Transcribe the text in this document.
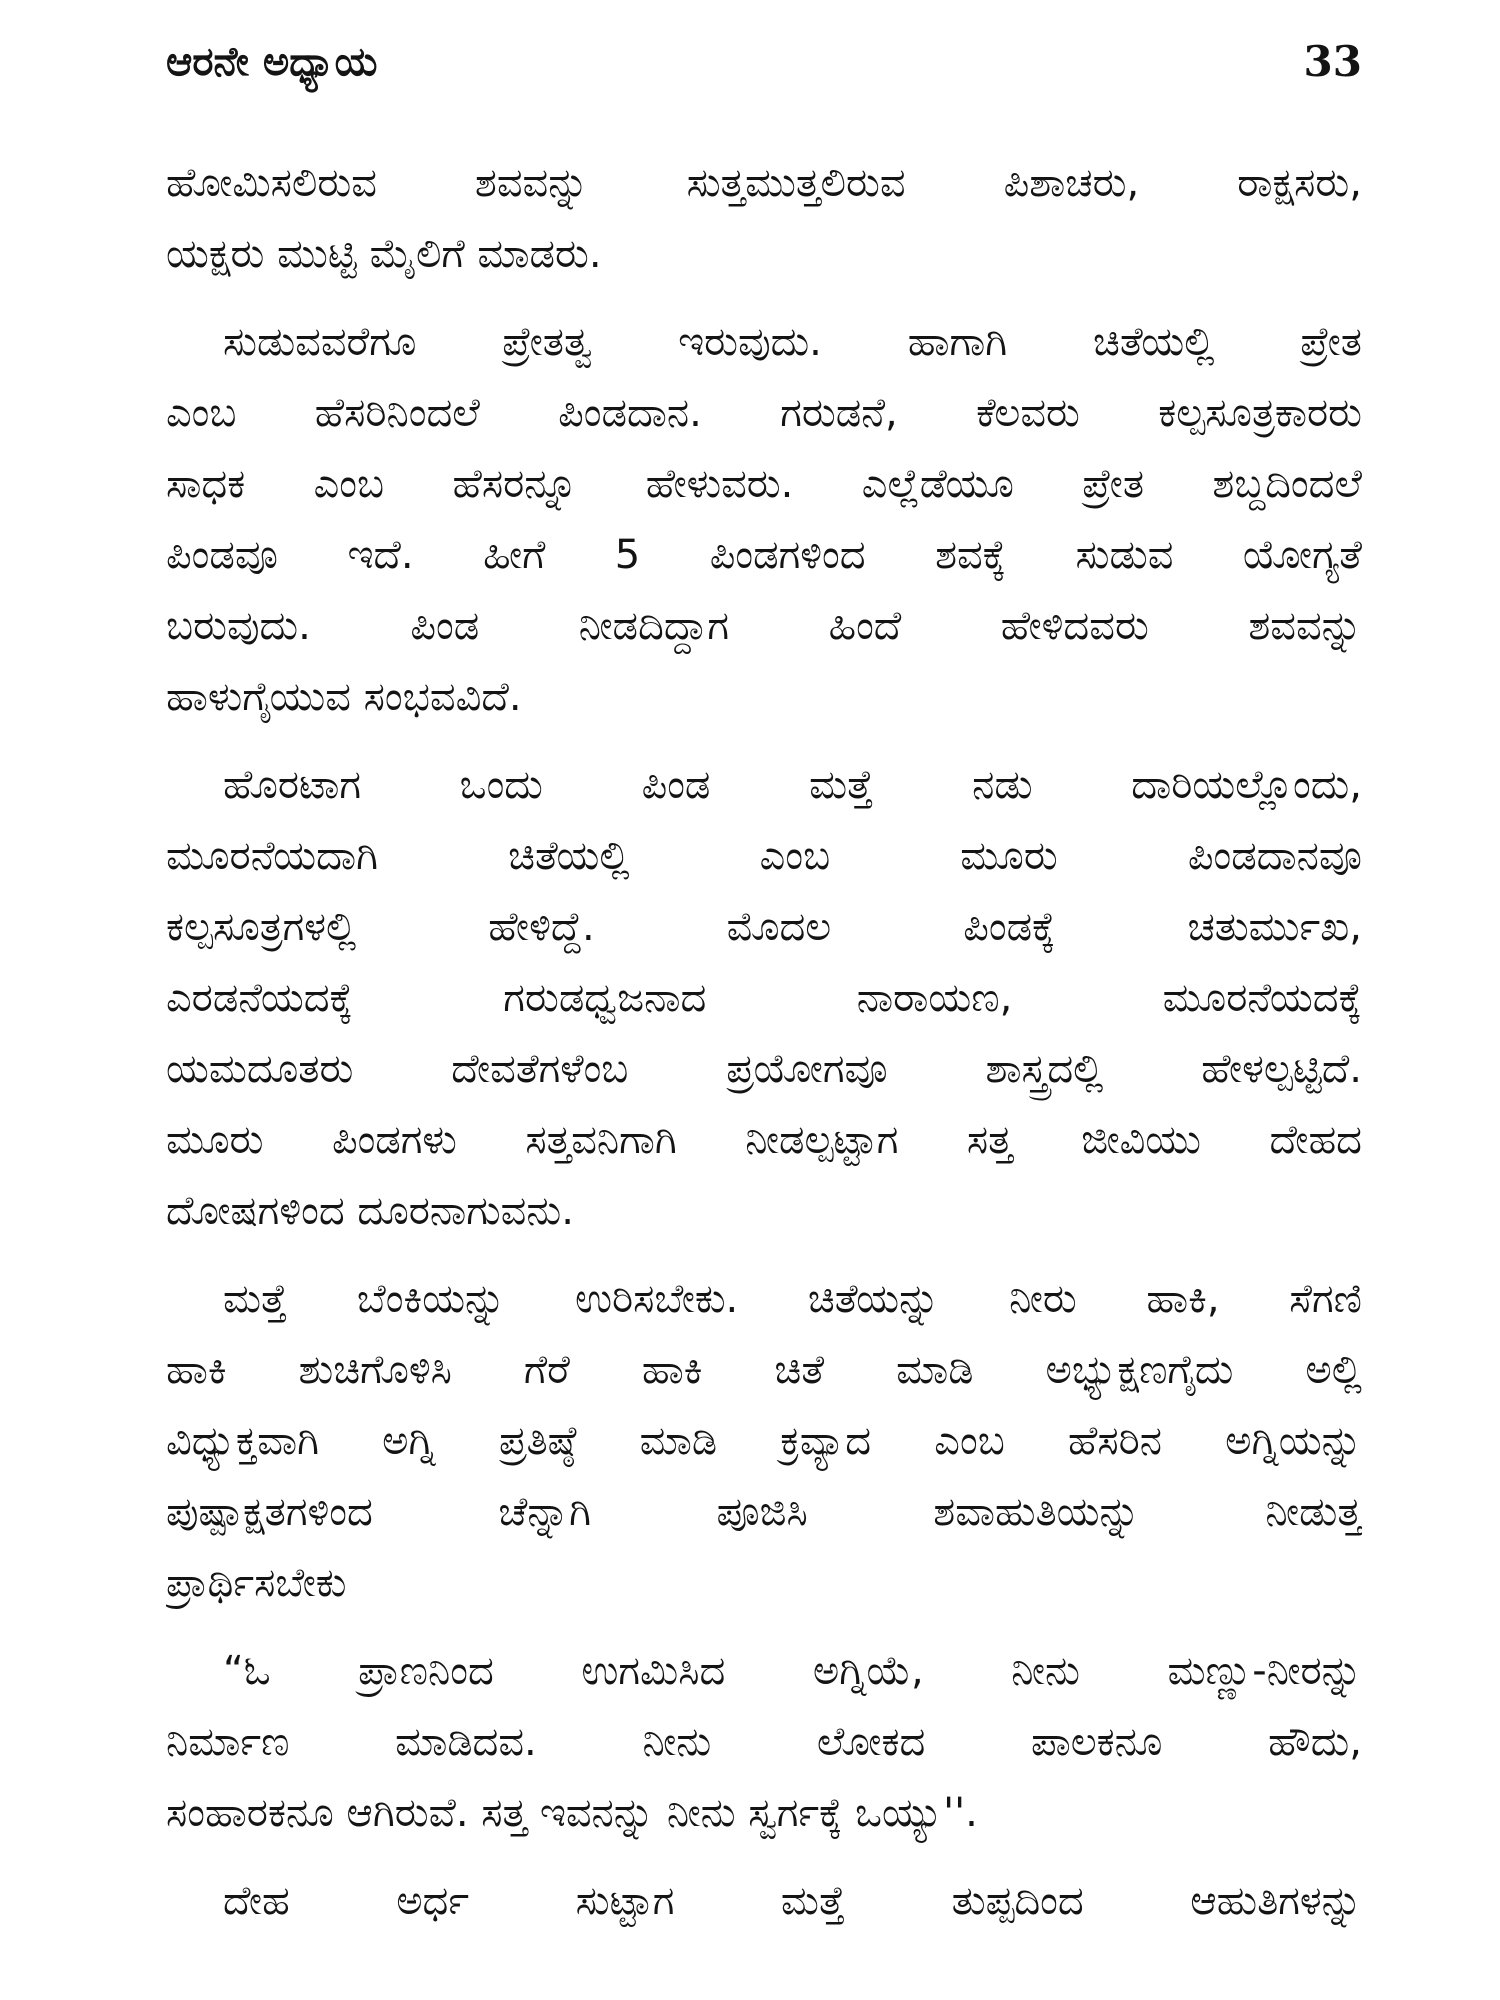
ಆರನೇ ಅಧ್ಯಾಯ	33
ಹೋಮಿಸಲಿರುವ ಶವವನ್ನು ಸುತ್ತಮುತ್ತಲಿರುವ ಪಿಶಾಚರು, ರಾಕ್ಷಸರು,
ಯಕ್ಷರು ಮುಟ್ಟಿ ಮೈಲಿಗೆ ಮಾಡರು.
ಸುಡುವವರೆಗೂ ಪ್ರೇತತ್ವ ಇರುವುದು. ಹಾಗಾಗಿ ಚಿತೆಯಲ್ಲಿ ಪ್ರೇತ
ಎಂಬ ಹೆಸರಿನಿಂದಲೆ ಪಿಂಡದಾನ. ಗರುಡನೆ, ಕೆಲವರು ಕಲ್ಪಸೂತ್ರಕಾರರು
ಸಾಧಕ ಎಂಬ ಹೆಸರನ್ನೂ ಹೇಳುವರು. ಎಲ್ಲೆಡೆಯೂ ಪ್ರೇತ ಶಬ್ದದಿಂದಲೆ
ಪಿಂಡವೂ ಇದೆ. ಹೀಗೆ 5 ಪಿಂಡಗಳಿಂದ ಶವಕ್ಕೆ ಸುಡುವ ಯೋಗ್ಯತೆ
ಬರುವುದು. ಪಿಂಡ ನೀಡದಿದ್ದಾಗ ಹಿಂದೆ ಹೇಳಿದವರು ಶವವನ್ನು
ಹಾಳುಗೈಯುವ ಸಂಭವವಿದೆ.
ಹೊರಟಾಗ ಒಂದು ಪಿಂಡ ಮತ್ತೆ ನಡು ದಾರಿಯಲ್ಲೊಂದು,
ಮೂರನೆಯದಾಗಿ ಚಿತೆಯಲ್ಲಿ ಎಂಬ ಮೂರು ಪಿಂಡದಾನವೂ
ಕಲ್ಪಸೂತ್ರಗಳಲ್ಲಿ ಹೇಳಿದ್ದೆ. ಮೊದಲ ಪಿಂಡಕ್ಕೆ ಚತುರ್ಮುಖ,
ಎರಡನೆಯದಕ್ಕೆ ಗರುಡಧ್ವಜನಾದ ನಾರಾಯಣ, ಮೂರನೆಯದಕ್ಕೆ
ಯಮದೂತರು ದೇವತೆಗಳೆಂಬ ಪ್ರಯೋಗವೂ ಶಾಸ್ತ್ರದಲ್ಲಿ ಹೇಳಲ್ಪಟ್ಟಿದೆ.
ಮೂರು ಪಿಂಡಗಳು ಸತ್ತವನಿಗಾಗಿ ನೀಡಲ್ಪಟ್ಟಾಗ ಸತ್ತ ಜೀವಿಯು ದೇಹದ
ದೋಷಗಳಿಂದ ದೂರನಾಗುವನು.
ಮತ್ತೆ ಬೆಂಕಿಯನ್ನು ಉರಿಸಬೇಕು. ಚಿತೆಯನ್ನು ನೀರು ಹಾಕಿ, ಸೆಗಣಿ
ಹಾಕಿ ಶುಚಿಗೊಳಿಸಿ ಗೆರೆ ಹಾಕಿ ಚಿತೆ ಮಾಡಿ ಅಭ್ಯುಕ್ಷಣಗೈದು ಅಲ್ಲಿ
ವಿಧ್ಯುಕ್ತವಾಗಿ ಅಗ್ನಿ ಪ್ರತಿಷ್ಠೆ ಮಾಡಿ ಕ್ರವ್ಯಾದ ಎಂಬ ಹೆಸರಿನ ಅಗ್ನಿಯನ್ನು
ಪುಷ್ಪಾಕ್ಷತಗಳಿಂದ ಚೆನ್ನಾಗಿ ಪೂಜಿಸಿ ಶವಾಹುತಿಯನ್ನು ನೀಡುತ್ತ
ಪ್ರಾರ್ಥಿಸಬೇಕು
“ಓ ಪ್ರಾಣನಿಂದ ಉಗಮಿಸಿದ ಅಗ್ನಿಯೆ, ನೀನು ಮಣ್ಣು-ನೀರನ್ನು
ನಿರ್ಮಾಣ ಮಾಡಿದವ. ನೀನು ಲೋಕದ ಪಾಲಕನೂ ಹೌದು,
ಸಂಹಾರಕನೂ ಆಗಿರುವೆ. ಸತ್ತ ಇವನನ್ನು ನೀನು ಸ್ವರ್ಗಕ್ಕೆ ಒಯ್ಯು''.
ದೇಹ ಅರ್ಧ ಸುಟ್ಟಾಗ ಮತ್ತೆ ತುಪ್ಪದಿಂದ ಆಹುತಿಗಳನ್ನು
